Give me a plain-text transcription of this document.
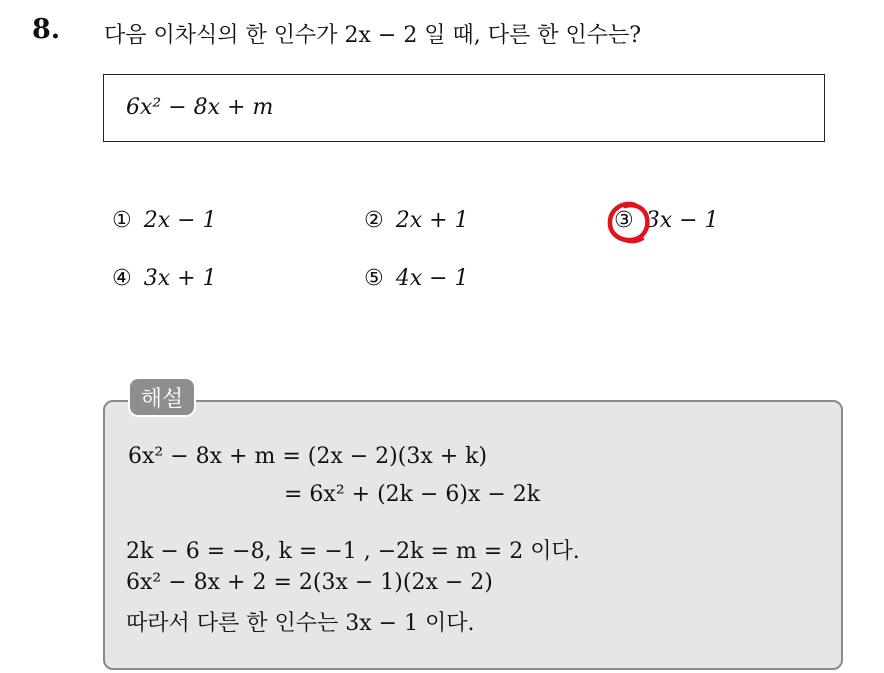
8. 다음 이차식의 한 인수가 2x − 2 일 때, 다른 한 인수는?
6x² − 8x + m
① 2x − 1	② 2x + 1	③ 3x − 1
④ 3x + 1	⑤ 4x − 1
해설
6x² − 8x + m = (2x − 2)(3x + k)
= 6x² + (2k − 6)x − 2k
2k − 6 = −8, k = −1 , −2k = m = 2 이다.
6x² − 8x + 2 = 2(3x − 1)(2x − 2)
따라서 다른 한 인수는 3x − 1 이다.
